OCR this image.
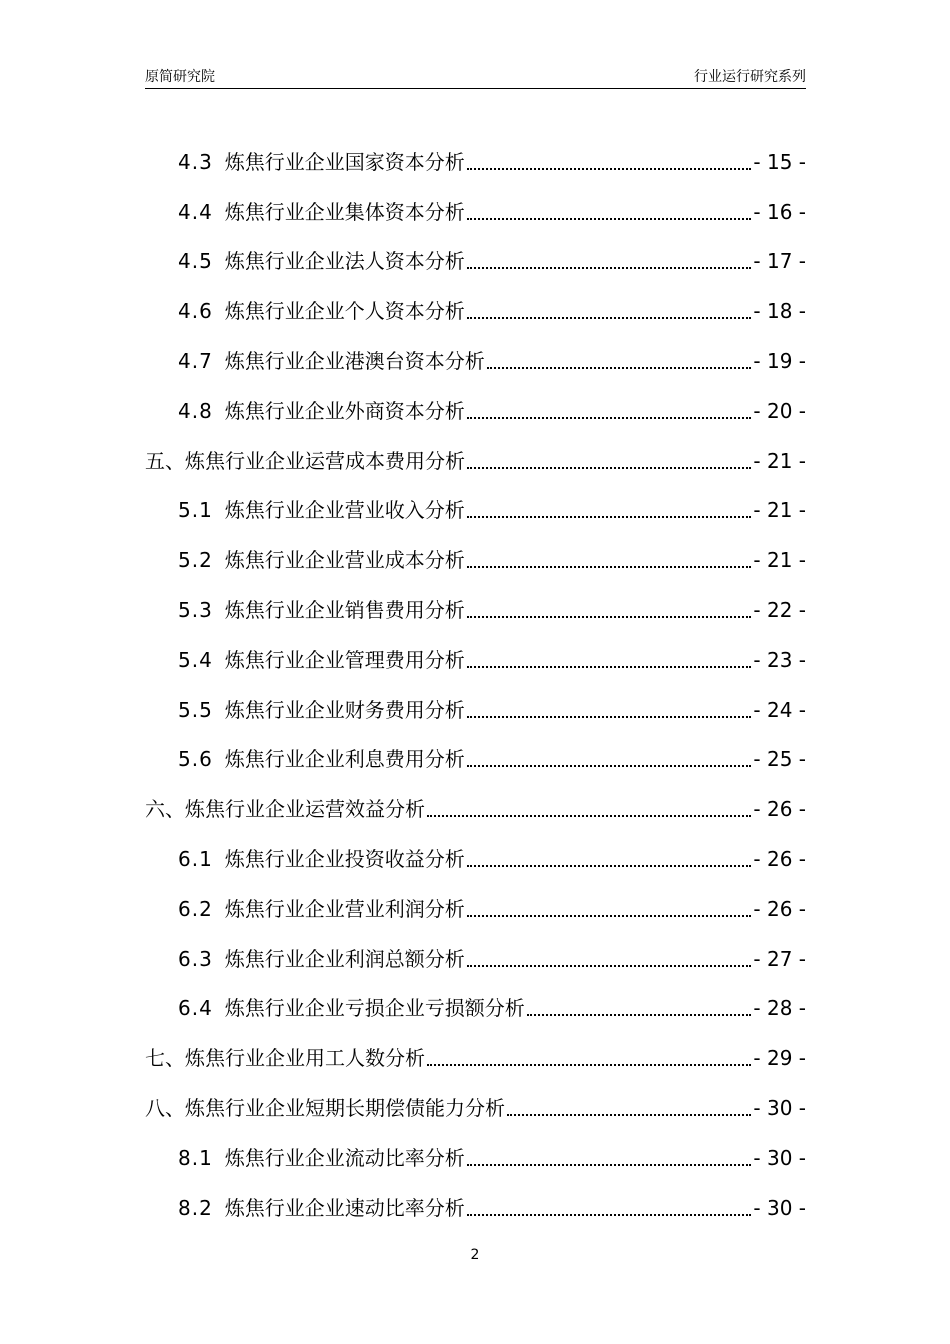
原简研究院	行业运行研究系列
4.3 炼焦行业企业国家资本分析	- 15 -
4.4 炼焦行业企业集体资本分析	- 16 -
4.5 炼焦行业企业法人资本分析	- 17 -
4.6 炼焦行业企业个人资本分析	- 18 -
4.7 炼焦行业企业港澳台资本分析	- 19 -
4.8 炼焦行业企业外商资本分析	- 20 -
五、炼焦行业企业运营成本费用分析	- 21 -
5.1 炼焦行业企业营业收入分析	- 21 -
5.2 炼焦行业企业营业成本分析	- 21 -
5.3 炼焦行业企业销售费用分析	- 22 -
5.4 炼焦行业企业管理费用分析	- 23 -
5.5 炼焦行业企业财务费用分析	- 24 -
5.6 炼焦行业企业利息费用分析	- 25 -
六、炼焦行业企业运营效益分析	- 26 -
6.1 炼焦行业企业投资收益分析	- 26 -
6.2 炼焦行业企业营业利润分析	- 26 -
6.3 炼焦行业企业利润总额分析	- 27 -
6.4 炼焦行业企业亏损企业亏损额分析	- 28 -
七、炼焦行业企业用工人数分析	- 29 -
八、炼焦行业企业短期长期偿债能力分析	- 30 -
8.1 炼焦行业企业流动比率分析	- 30 -
8.2 炼焦行业企业速动比率分析	- 30 -
2
